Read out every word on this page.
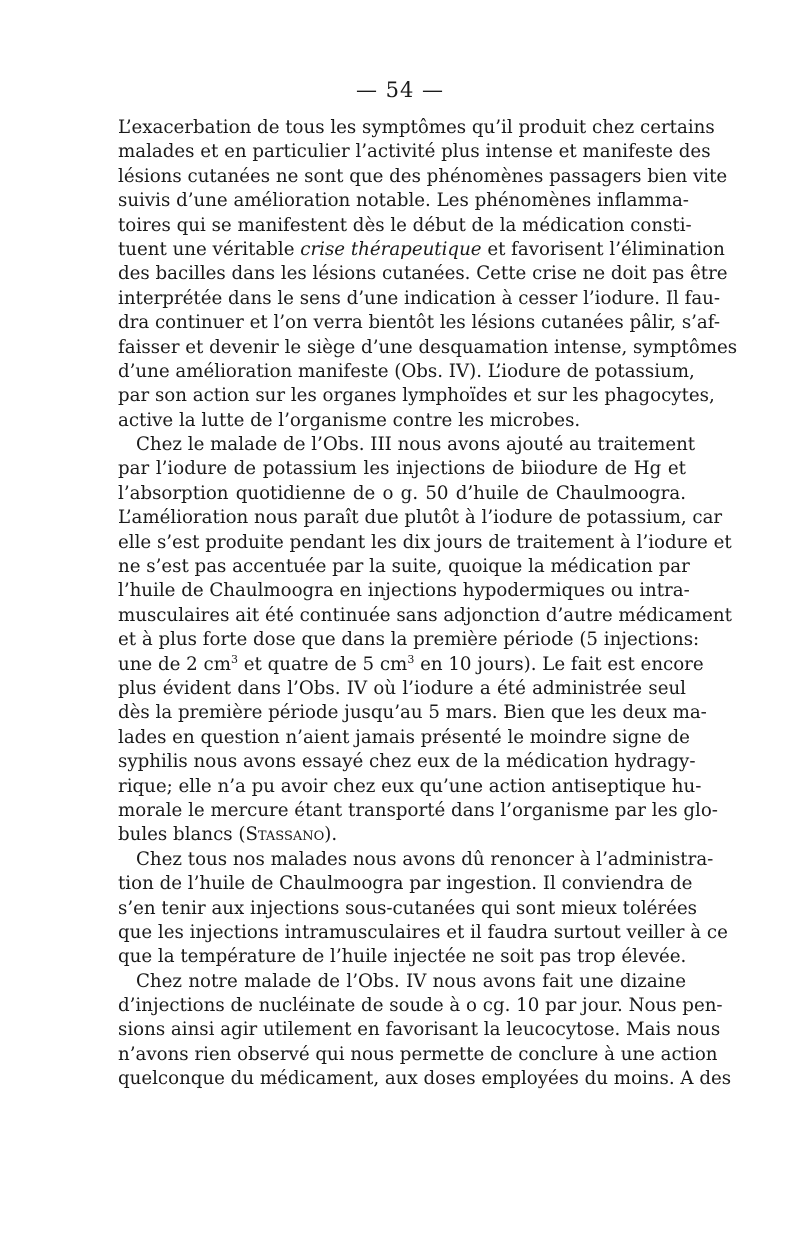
— 54 —
L’exacerbation de tous les symptômes qu’il produit chez certains
malades et en particulier l’activité plus intense et manifeste des
lésions cutanées ne sont que des phénomènes passagers bien vite
suivis d’une amélioration notable. Les phénomènes inflamma-
toires qui se manifestent dès le début de la médication consti-
tuent une véritable crise thérapeutique et favorisent l’élimination
des bacilles dans les lésions cutanées. Cette crise ne doit pas être
interprétée dans le sens d’une indication à cesser l’iodure. Il fau-
dra continuer et l’on verra bientôt les lésions cutanées pâlir, s’af-
faisser et devenir le siège d’une desquamation intense, symptômes
d’une amélioration manifeste (Obs. IV). L’iodure de potassium,
par son action sur les organes lymphoïdes et sur les phagocytes,
active la lutte de l’organisme contre les microbes.
Chez le malade de l’Obs. III nous avons ajouté au traitement
par l’iodure de potassium les injections de biiodure de Hg et
l’absorption quotidienne de o g. 50 d’huile de Chaulmoogra.
L’amélioration nous paraît due plutôt à l’iodure de potassium, car
elle s’est produite pendant les dix jours de traitement à l’iodure et
ne s’est pas accentuée par la suite, quoique la médication par
l’huile de Chaulmoogra en injections hypodermiques ou intra-
musculaires ait été continuée sans adjonction d’autre médicament
et à plus forte dose que dans la première période (5 injections:
une de 2 $cm^3$ et quatre de 5 $cm^3$ en 10 jours). Le fait est encore
plus évident dans l’Obs. IV où l’iodure a été administrée seul
dès la première période jusqu’au 5 mars. Bien que les deux ma-
lades en question n’aient jamais présenté le moindre signe de
syphilis nous avons essayé chez eux de la médication hydragy-
rique; elle n’a pu avoir chez eux qu’une action antiseptique hu-
morale le mercure étant transporté dans l’organisme par les glo-
bules blancs (Stassano).
Chez tous nos malades nous avons dû renoncer à l’administra-
tion de l’huile de Chaulmoogra par ingestion. Il conviendra de
s’en tenir aux injections sous-cutanées qui sont mieux tolérées
que les injections intramusculaires et il faudra surtout veiller à ce
que la température de l’huile injectée ne soit pas trop élevée.
Chez notre malade de l’Obs. IV nous avons fait une dizaine
d’injections de nucléinate de soude à o cg. 10 par jour. Nous pen-
sions ainsi agir utilement en favorisant la leucocytose. Mais nous
n’avons rien observé qui nous permette de conclure à une action
quelconque du médicament, aux doses employées du moins. A des
